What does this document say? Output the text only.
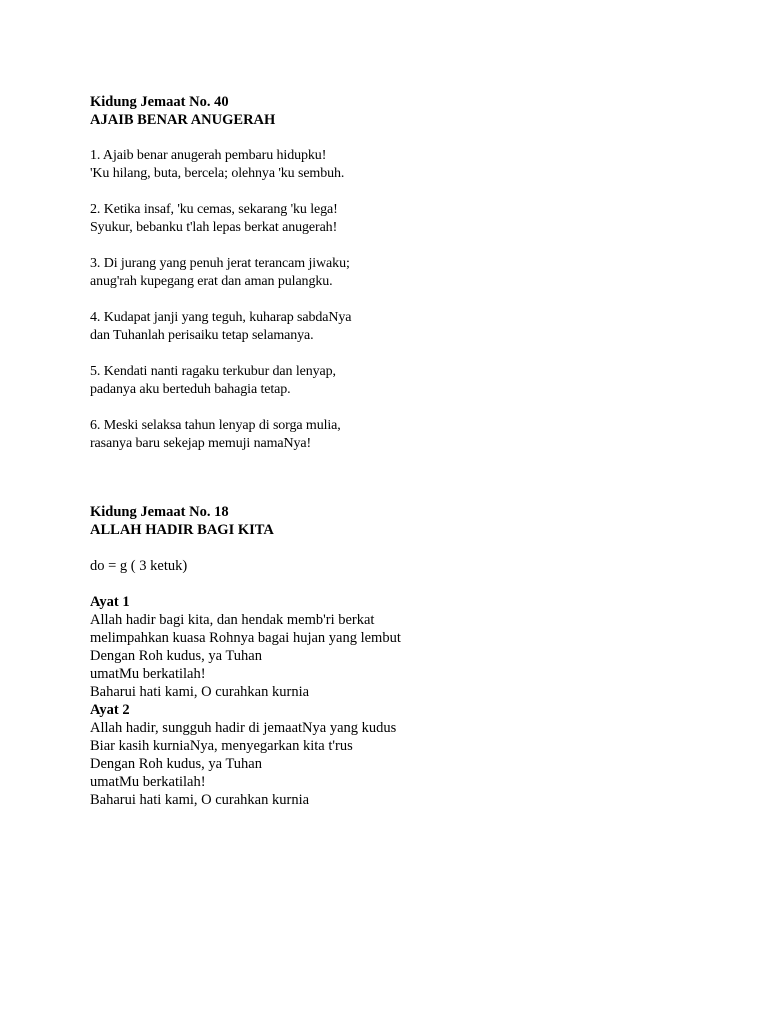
Kidung Jemaat No. 40
AJAIB BENAR ANUGERAH
1. Ajaib benar anugerah pembaru hidupku!
'Ku hilang, buta, bercela; olehnya 'ku sembuh.
2. Ketika insaf, 'ku cemas, sekarang 'ku lega!
Syukur, bebanku t'lah lepas berkat anugerah!
3. Di jurang yang penuh jerat terancam jiwaku;
anug'rah kupegang erat dan aman pulangku.
4. Kudapat janji yang teguh, kuharap sabdaNya
dan Tuhanlah perisaiku tetap selamanya.
5. Kendati nanti ragaku terkubur dan lenyap,
padanya aku berteduh bahagia tetap.
6. Meski selaksa tahun lenyap di sorga mulia,
rasanya baru sekejap memuji namaNya!
Kidung Jemaat No. 18
ALLAH HADIR BAGI KITA
do = g ( 3 ketuk)
Ayat 1
Allah hadir bagi kita, dan hendak memb'ri berkat
melimpahkan kuasa Rohnya bagai hujan yang lembut
Dengan Roh kudus, ya Tuhan
umatMu berkatilah!
Baharui hati kami, O curahkan kurnia
Ayat 2
Allah hadir, sungguh hadir di jemaatNya yang kudus
Biar kasih kurniaNya, menyegarkan kita t'rus
Dengan Roh kudus, ya Tuhan
umatMu berkatilah!
Baharui hati kami, O curahkan kurnia
